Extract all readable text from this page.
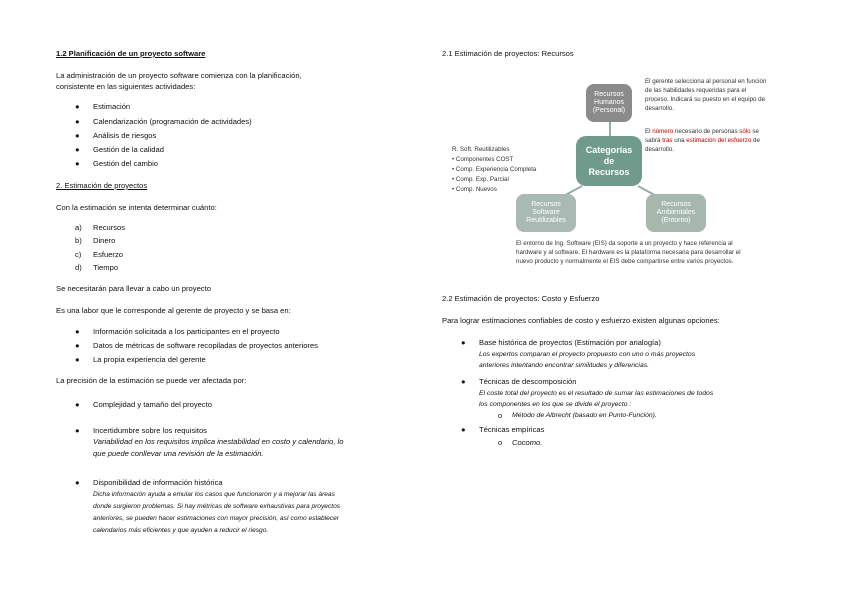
1.2 Planificación de un proyecto software
La administración de un proyecto software comienza con la planificación,
consistente en las siguientes actividades:
● Estimación
● Calendarización (programación de actividades)
● Análisis de riesgos
● Gestión de la calidad
● Gestión del cambio
2. Estimación de proyectos
Con la estimación se intenta determinar cuánto:
a) Recursos
b) Dinero
c) Esfuerzo
d) Tiempo
Se necesitarán para llevar a cabo un proyecto
Es una labor que le corresponde al gerente de proyecto y se basa en:
● Información solicitada a los participantes en el proyecto
● Datos de métricas de software recopiladas de proyectos anteriores
● La propia experiencia del gerente
La precisión de la estimación se puede ver afectada por:
● Complejidad y tamaño del proyecto
● Incertidumbre sobre los requisitos
Variabilidad en los requisitos implica inestabilidad en costo y calendario, lo
que puede conllevar una revisión de la estimación.
● Disponibilidad de información histórica
Dicha información ayuda a emular los casos que funcionaron y a mejorar las áreas
donde surgieron problemas. Si hay métricas de software exhaustivas para proyectos
anteriores, se pueden hacer estimaciones con mayor precisión, así como establecer
calendarios más eficientes y que ayuden a reducir el riesgo.
2.1 Estimación de proyectos: Recursos
Recursos
Humanos
(Personal)
Categorías
de
Recursos
Recursos
Software
Reutilizables
Recursos
Ambientales
(Entorno)
El gerente selecciona al personal en función
de las habilidades requeridas para el
proceso. Indicará su puesto en el equipo de
desarrollo.
El número necesario de personas sólo se
sabrá tras una estimación del esfuerzo de
desarrollo.
R. Soft. Reutilizables
• Componentes COST
• Comp. Experiencia Completa
• Comp. Exp. Parcial
• Comp. Nuevos
El entorno de Ing. Software (EIS) da soporte a un proyecto y hace referencia al
hardware y al software. El hardware es la plataforma necesaria para desarrollar el
nuevo producto y normalmente el EIS debe compartirse entre varios proyectos.
2.2 Estimación de proyectos: Costo y Esfuerzo
Para lograr estimaciones confiables de costo y esfuerzo existen algunas opciones:
● Base histórica de proyectos (Estimación por analogía)
Los expertos comparan el proyecto propuesto con uno o más proyectos
anteriores intentando encontrar similitudes y diferencias.
● Técnicas de descomposición
El coste total del proyecto es el resultado de sumar las estimaciones de todos
los componentes en los que se divide el proyecto :
o Método de Albrecht (basado en Punto-Función).
● Técnicas empíricas
o Cocomo.
